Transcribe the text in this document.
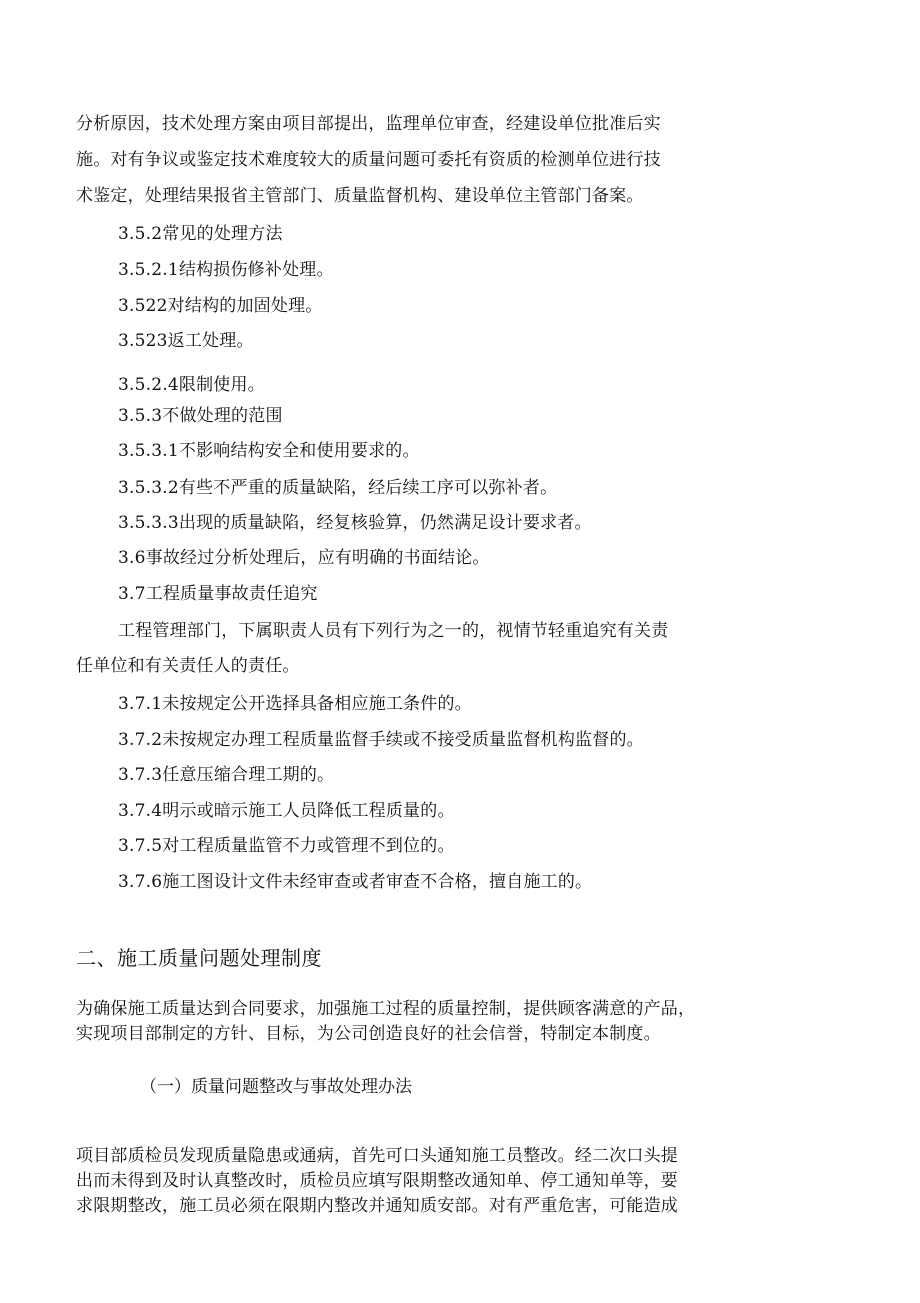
分析原因，技术处理方案由项目部提出，监理单位审查，经建设单位批准后实
施。对有争议或鉴定技术难度较大的质量问题可委托有资质的检测单位进行技
术鉴定，处理结果报省主管部门、质量监督机构、建设单位主管部门备案。
3.5.2常见的处理方法
3.5.2.1结构损伤修补处理。
3.522对结构的加固处理。
3.523返工处理。
3.5.2.4限制使用。
3.5.3不做处理的范围
3.5.3.1不影响结构安全和使用要求的。
3.5.3.2有些不严重的质量缺陷，经后续工序可以弥补者。
3.5.3.3出现的质量缺陷，经复核验算，仍然满足设计要求者。
3.6事故经过分析处理后，应有明确的书面结论。
3.7工程质量事故责任追究
工程管理部门，下属职责人员有下列行为之一的，视情节轻重追究有关责
任单位和有关责任人的责任。
3.7.1未按规定公开选择具备相应施工条件的。
3.7.2未按规定办理工程质量监督手续或不接受质量监督机构监督的。
3.7.3任意压缩合理工期的。
3.7.4明示或暗示施工人员降低工程质量的。
3.7.5对工程质量监管不力或管理不到位的。
3.7.6施工图设计文件未经审查或者审查不合格，擅自施工的。
二、施工质量问题处理制度
为确保施工质量达到合同要求，加强施工过程的质量控制，提供顾客满意的产品，
实现项目部制定的方针、目标，为公司创造良好的社会信誉，特制定本制度。
（一）质量问题整改与事故处理办法
项目部质检员发现质量隐患或通病，首先可口头通知施工员整改。经二次口头提
出而未得到及时认真整改时，质检员应填写限期整改通知单、停工通知单等，要
求限期整改，施工员必须在限期内整改并通知质安部。对有严重危害，可能造成
